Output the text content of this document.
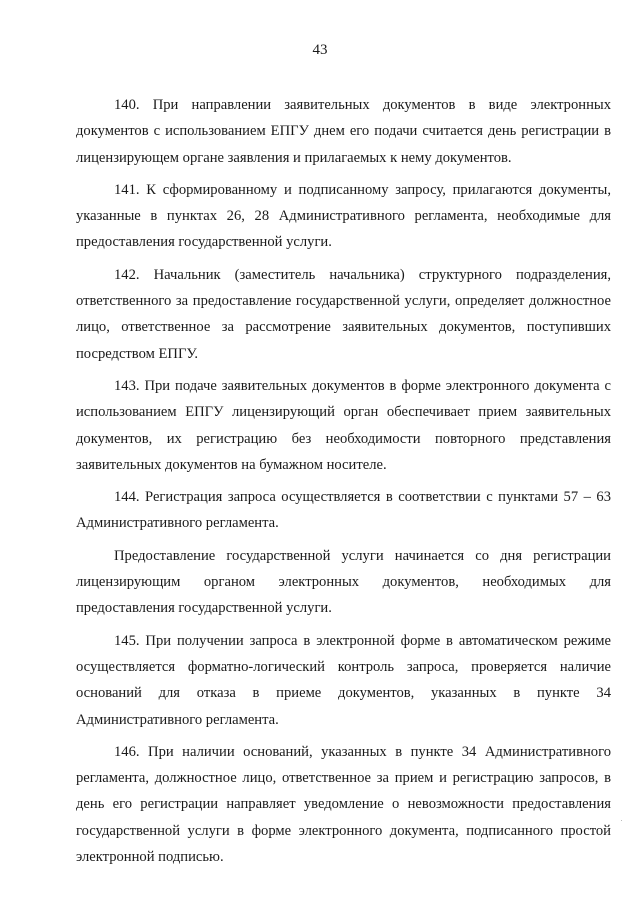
43

140. При направлении заявительных документов в виде электронных документов с использованием ЕПГУ днем его подачи считается день регистрации в лицензирующем органе заявления и прилагаемых к нему документов.

141. К сформированному и подписанному запросу, прилагаются документы, указанные в пунктах 26, 28 Административного регламента, необходимые для предоставления государственной услуги.

142. Начальник (заместитель начальника) структурного подразделения, ответственного за предоставление государственной услуги, определяет должностное лицо, ответственное за рассмотрение заявительных документов, поступивших посредством ЕПГУ.

143. При подаче заявительных документов в форме электронного документа с использованием ЕПГУ лицензирующий орган обеспечивает прием заявительных документов, их регистрацию без необходимости повторного представления заявительных документов на бумажном носителе.

144. Регистрация запроса осуществляется в соответствии с пунктами 57 – 63 Административного регламента.

Предоставление государственной услуги начинается со дня регистрации лицензирующим органом электронных документов, необходимых для предоставления государственной услуги.

145. При получении запроса в электронной форме в автоматическом режиме осуществляется форматно-логический контроль запроса, проверяется наличие оснований для отказа в приеме документов, указанных в пункте 34 Административного регламента.

146. При наличии оснований, указанных в пункте 34 Административного регламента, должностное лицо, ответственное за прием и регистрацию запросов, в день его регистрации направляет уведомление о невозможности предоставления государственной услуги в форме электронного документа, подписанного простой электронной подписью.
